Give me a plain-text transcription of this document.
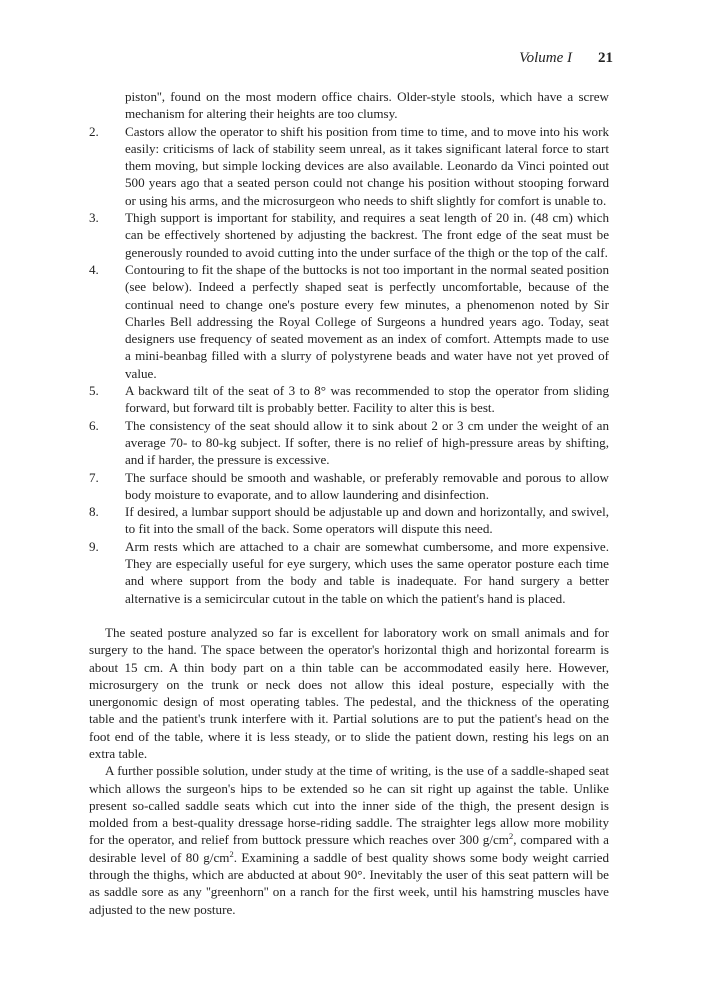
Volume I 21

piston'', found on the most modern office chairs. Older-style stools, which have a screw mechanism for altering their heights are too clumsy.

2.	Castors allow the operator to shift his position from time to time, and to move into his work easily: criticisms of lack of stability seem unreal, as it takes significant lateral force to start them moving, but simple locking devices are also available. Leonardo da Vinci pointed out 500 years ago that a seated person could not change his position without stooping forward or using his arms, and the microsurgeon who needs to shift slightly for comfort is unable to.
3.	Thigh support is important for stability, and requires a seat length of 20 in. (48 cm) which can be effectively shortened by adjusting the backrest. The front edge of the seat must be generously rounded to avoid cutting into the under surface of the thigh or the top of the calf.
4.	Contouring to fit the shape of the buttocks is not too important in the normal seated position (see below). Indeed a perfectly shaped seat is perfectly uncomfortable, because of the continual need to change one's posture every few minutes, a phenomenon noted by Sir Charles Bell addressing the Royal College of Surgeons a hundred years ago. Today, seat designers use frequency of seated movement as an index of comfort. Attempts made to use a mini-beanbag filled with a slurry of polystyrene beads and water have not yet proved of value.
5.	A backward tilt of the seat of 3 to 8° was recommended to stop the operator from sliding forward, but forward tilt is probably better. Facility to alter this is best.
6.	The consistency of the seat should allow it to sink about 2 or 3 cm under the weight of an average 70- to 80-kg subject. If softer, there is no relief of high-pressure areas by shifting, and if harder, the pressure is excessive.
7.	The surface should be smooth and washable, or preferably removable and porous to allow body moisture to evaporate, and to allow laundering and disinfection.
8.	If desired, a lumbar support should be adjustable up and down and horizontally, and swivel, to fit into the small of the back. Some operators will dispute this need.
9.	Arm rests which are attached to a chair are somewhat cumbersome, and more expensive. They are especially useful for eye surgery, which uses the same operator posture each time and where support from the body and table is inadequate. For hand surgery a better alternative is a semicircular cutout in the table on which the patient's hand is placed.

The seated posture analyzed so far is excellent for laboratory work on small animals and for surgery to the hand. The space between the operator's horizontal thigh and horizontal forearm is about 15 cm. A thin body part on a thin table can be accommodated easily here. However, microsurgery on the trunk or neck does not allow this ideal posture, especially with the unergonomic design of most operating tables. The pedestal, and the thickness of the operating table and the patient's trunk interfere with it. Partial solutions are to put the patient's head on the foot end of the table, where it is less steady, or to slide the patient down, resting his legs on an extra table.

A further possible solution, under study at the time of writing, is the use of a saddle-shaped seat which allows the surgeon's hips to be extended so he can sit right up against the table. Unlike present so-called saddle seats which cut into the inner side of the thigh, the present design is molded from a best-quality dressage horse-riding saddle. The straighter legs allow more mobility for the operator, and relief from buttock pressure which reaches over 300 $g/cm^2$, compared with a desirable level of 80 $g/cm^2$. Examining a saddle of best quality shows some body weight carried through the thighs, which are abducted at about 90°. Inevitably the user of this seat pattern will be as saddle sore as any ''greenhorn'' on a ranch for the first week, until his hamstring muscles have adjusted to the new posture.
